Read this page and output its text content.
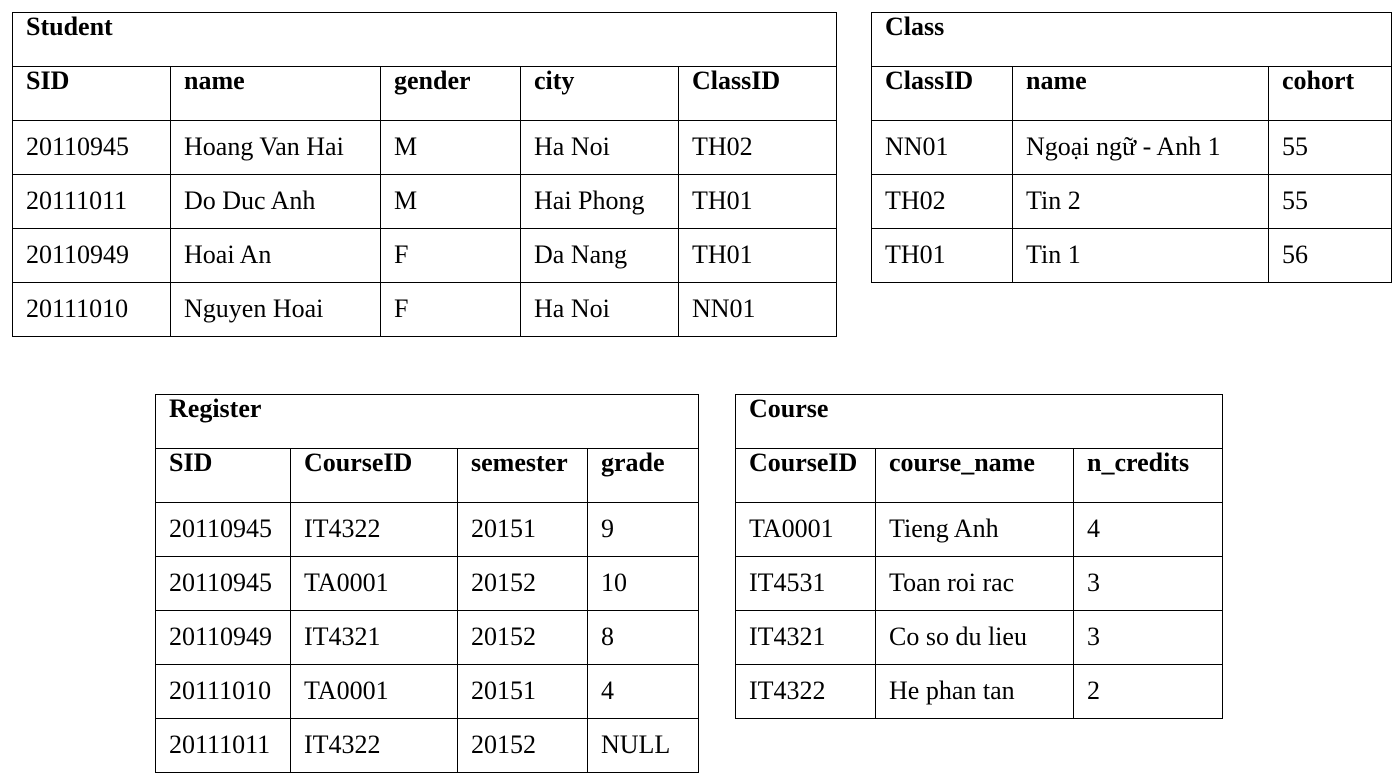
Student				
SID	name	gender	city	ClassID
20110945	Hoang Van Hai	M	Ha Noi	TH02
20111011	Do Duc Anh	M	Hai Phong	TH01
20110949	Hoai An	F	Da Nang	TH01
20111010	Nguyen Hoai	F	Ha Noi	NN01
Class		
ClassID	name	cohort
NN01	Ngoại ngữ - Anh 1	55
TH02	Tin 2	55
TH01	Tin 1	56
Register			
SID	CourseID	semester	grade
20110945	IT4322	20151	9
20110945	TA0001	20152	10
20110949	IT4321	20152	8
20111010	TA0001	20151	4
20111011	IT4322	20152	NULL
Course		
CourseID	course_name	n_credits
TA0001	Tieng Anh	4
IT4531	Toan roi rac	3
IT4321	Co so du lieu	3
IT4322	He phan tan	2
